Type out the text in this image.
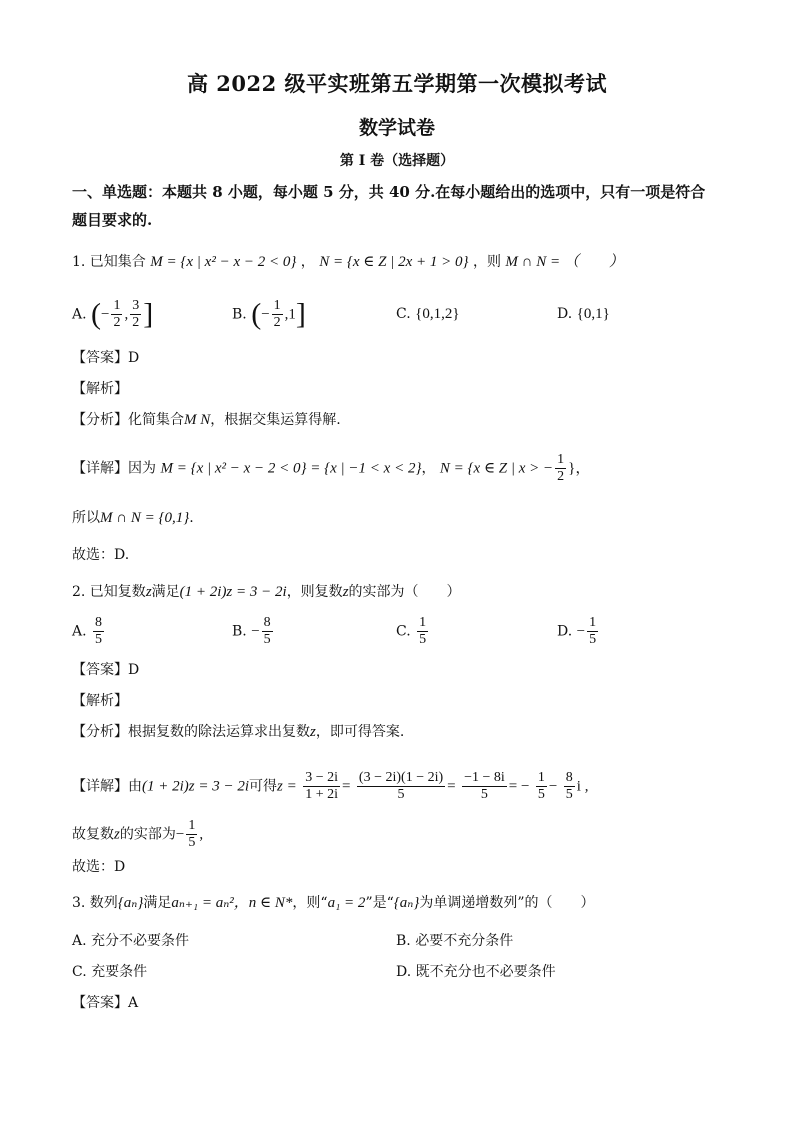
高 2022 级平实班第五学期第一次模拟考试
数学试卷
第 I 卷（选择题）
一、单选题：本题共 8 小题，每小题 5 分，共 40 分.在每小题给出的选项中，只有一项是符合
题目要求的.
1. 已知集合 M = {x | x² − x − 2 < 0} ， N = {x ∈ Z | 2x + 1 > 0} ，则 M ∩ N = （　　）
A. (− $\frac{1}{2}$ , $\frac{3}{2}$ ]	B. (− $\frac{1}{2} ,1$]	C. {0,1,2}	D. {0,1}
【答案】D
【解析】
【分析】化简集合M N，根据交集运算得解.
【详解】因为 M = {x | x² − x − 2 < 0} = {x | −1 < x < 2}， N = {x ∈ Z | x > − $\frac{1}{2}$ }，
所以M ∩ N = {0,1}.
故选：D.
2. 已知复数z满足(1 + 2i)z = 3 − 2i，则复数z的实部为（　　）
A. $\frac{8}{5}$	B. − $\frac{8}{5}$	C. $\frac{1}{5}$	D. − $\frac{1}{5}$
【答案】D
【解析】
【分析】根据复数的除法运算求出复数z，即可得答案.
【详解】由(1 + 2i)z = 3 − 2i可得$z = \frac{3 - 2i}{1 + 2i} = \frac{(3 - 2i)(1 - 2i)}{5} = \frac{-1 - 8i}{5}$ = − $\frac{1}{5} - \frac{8}{5}$ i ,
故复数z的实部为− $\frac{1}{5}$ ,
故选：D
3. 数列{aₙ}满足aₙ₊₁ = aₙ²，n ∈ N*，则“a₁ = 2”是“{aₙ}为单调递增数列”的（　　）
A. 充分不必要条件	B. 必要不充分条件
C. 充要条件	D. 既不充分也不必要条件
【答案】A
